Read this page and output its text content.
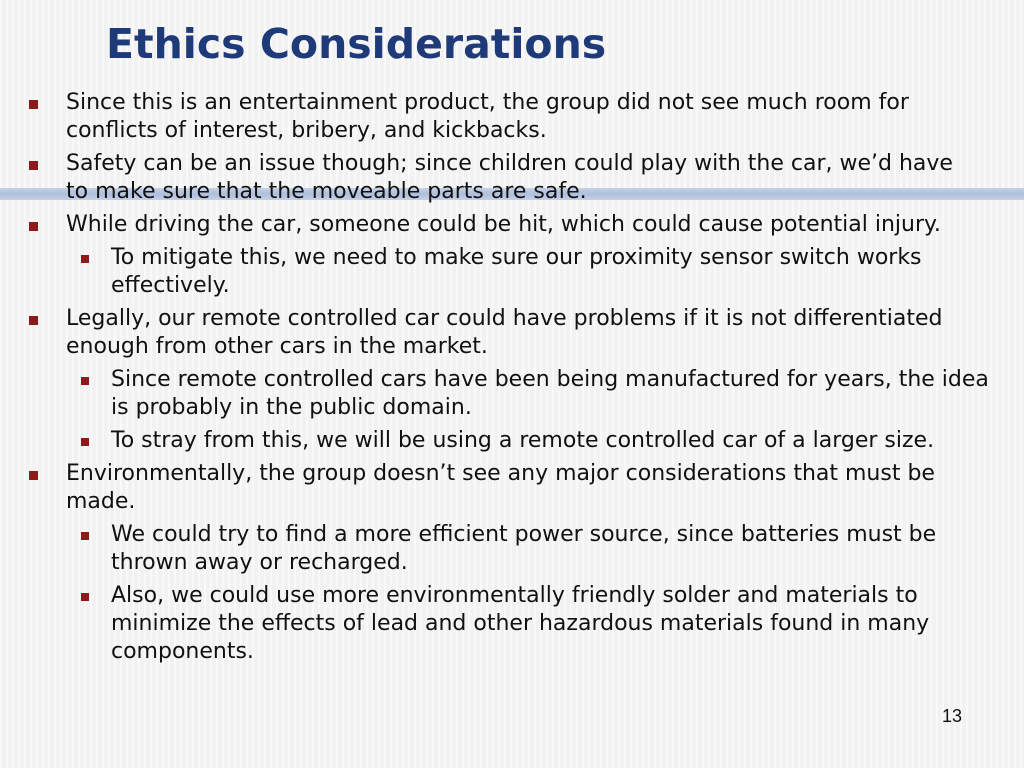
Ethics Considerations
Since this is an entertainment product, the group did not see much room for conflicts of interest, bribery, and kickbacks.
Safety can be an issue though; since children could play with the car, we’d have to make sure that the moveable parts are safe.
While driving the car, someone could be hit, which could cause potential injury.
To mitigate this, we need to make sure our proximity sensor switch works effectively.
Legally, our remote controlled car could have problems if it is not differentiated enough from other cars in the market.
Since remote controlled cars have been being manufactured for years, the idea is probably in the public domain.
To stray from this, we will be using a remote controlled car of a larger size.
Environmentally, the group doesn’t see any major considerations that must be made.
We could try to find a more efficient power source, since batteries must be thrown away or recharged.
Also, we could use more environmentally friendly solder and materials to minimize the effects of lead and other hazardous materials found in many components.
13
